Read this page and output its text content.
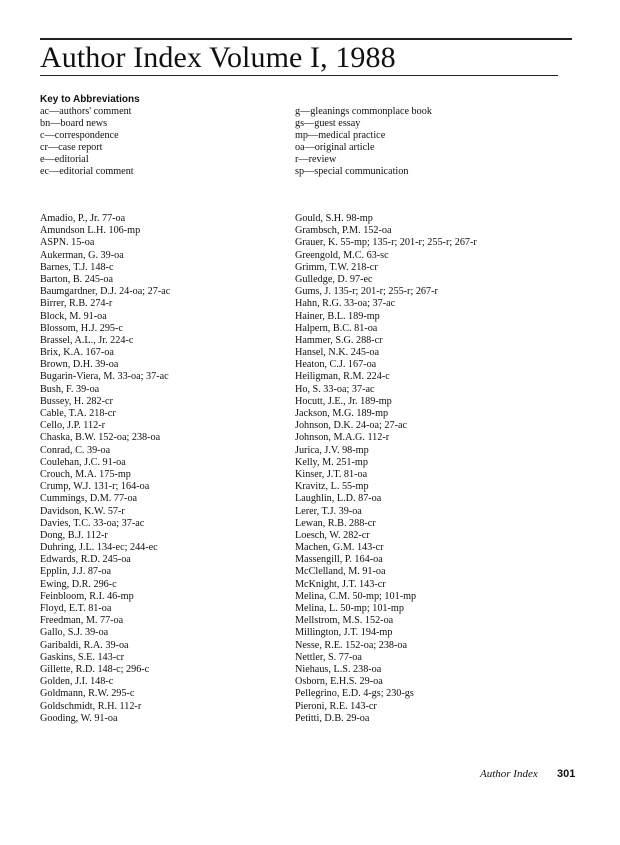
Author Index Volume I, 1988
Key to Abbreviations
ac—authors' comment
bn—board news
c—correspondence
cr—case report
e—editorial
ec—editorial comment
g—gleanings commonplace book
gs—guest essay
mp—medical practice
oa—original article
r—review
sp—special communication
Amadio, P., Jr. 77-oa
Amundson L.H. 106-mp
ASPN. 15-oa
Aukerman, G. 39-oa
Barnes, T.J. 148-c
Barton, B. 245-oa
Baumgardner, D.J. 24-oa; 27-ac
Birrer, R.B. 274-r
Block, M. 91-oa
Blossom, H.J. 295-c
Brassel, A.L., Jr. 224-c
Brix, K.A. 167-oa
Brown, D.H. 39-oa
Bugarin-Viera, M. 33-oa; 37-ac
Bush, F. 39-oa
Bussey, H. 282-cr
Cable, T.A. 218-cr
Cello, J.P. 112-r
Chaska, B.W. 152-oa; 238-oa
Conrad, C. 39-oa
Coulehan, J.C. 91-oa
Crouch, M.A. 175-mp
Crump, W.J. 131-r; 164-oa
Cummings, D.M. 77-oa
Davidson, K.W. 57-r
Davies, T.C. 33-oa; 37-ac
Dong, B.J. 112-r
Duhring, J.L. 134-ec; 244-ec
Edwards, R.D. 245-oa
Epplin, J.J. 87-oa
Ewing, D.R. 296-c
Feinbloom, R.I. 46-mp
Floyd, E.T. 81-oa
Freedman, M. 77-oa
Gallo, S.J. 39-oa
Garibaldi, R.A. 39-oa
Gaskins, S.E. 143-cr
Gillette, R.D. 148-c; 296-c
Golden, J.I. 148-c
Goldmann, R.W. 295-c
Goldschmidt, R.H. 112-r
Gooding, W. 91-oa
Gould, S.H. 98-mp
Grambsch, P.M. 152-oa
Grauer, K. 55-mp; 135-r; 201-r; 255-r; 267-r
Greengold, M.C. 63-sc
Grimm, T.W. 218-cr
Gulledge, D. 97-ec
Gums, J. 135-r; 201-r; 255-r; 267-r
Hahn, R.G. 33-oa; 37-ac
Hainer, B.L. 189-mp
Halpern, B.C. 81-oa
Hammer, S.G. 288-cr
Hansel, N.K. 245-oa
Heaton, C.J. 167-oa
Heiligman, R.M. 224-c
Ho, S. 33-oa; 37-ac
Hocutt, J.E., Jr. 189-mp
Jackson, M.G. 189-mp
Johnson, D.K. 24-oa; 27-ac
Johnson, M.A.G. 112-r
Jurica, J.V. 98-mp
Kelly, M. 251-mp
Kinser, J.T. 81-oa
Kravitz, L. 55-mp
Laughlin, L.D. 87-oa
Lerer, T.J. 39-oa
Lewan, R.B. 288-cr
Loesch, W. 282-cr
Machen, G.M. 143-cr
Massengill, P. 164-oa
McClelland, M. 91-oa
McKnight, J.T. 143-cr
Melina, C.M. 50-mp; 101-mp
Melina, L. 50-mp; 101-mp
Mellstrom, M.S. 152-oa
Millington, J.T. 194-mp
Nesse, R.E. 152-oa; 238-oa
Nettler, S. 77-oa
Niehaus, L.S. 238-oa
Osborn, E.H.S. 29-oa
Pellegrino, E.D. 4-gs; 230-gs
Pieroni, R.E. 143-cr
Petitti, D.B. 29-oa
Author Index 301
